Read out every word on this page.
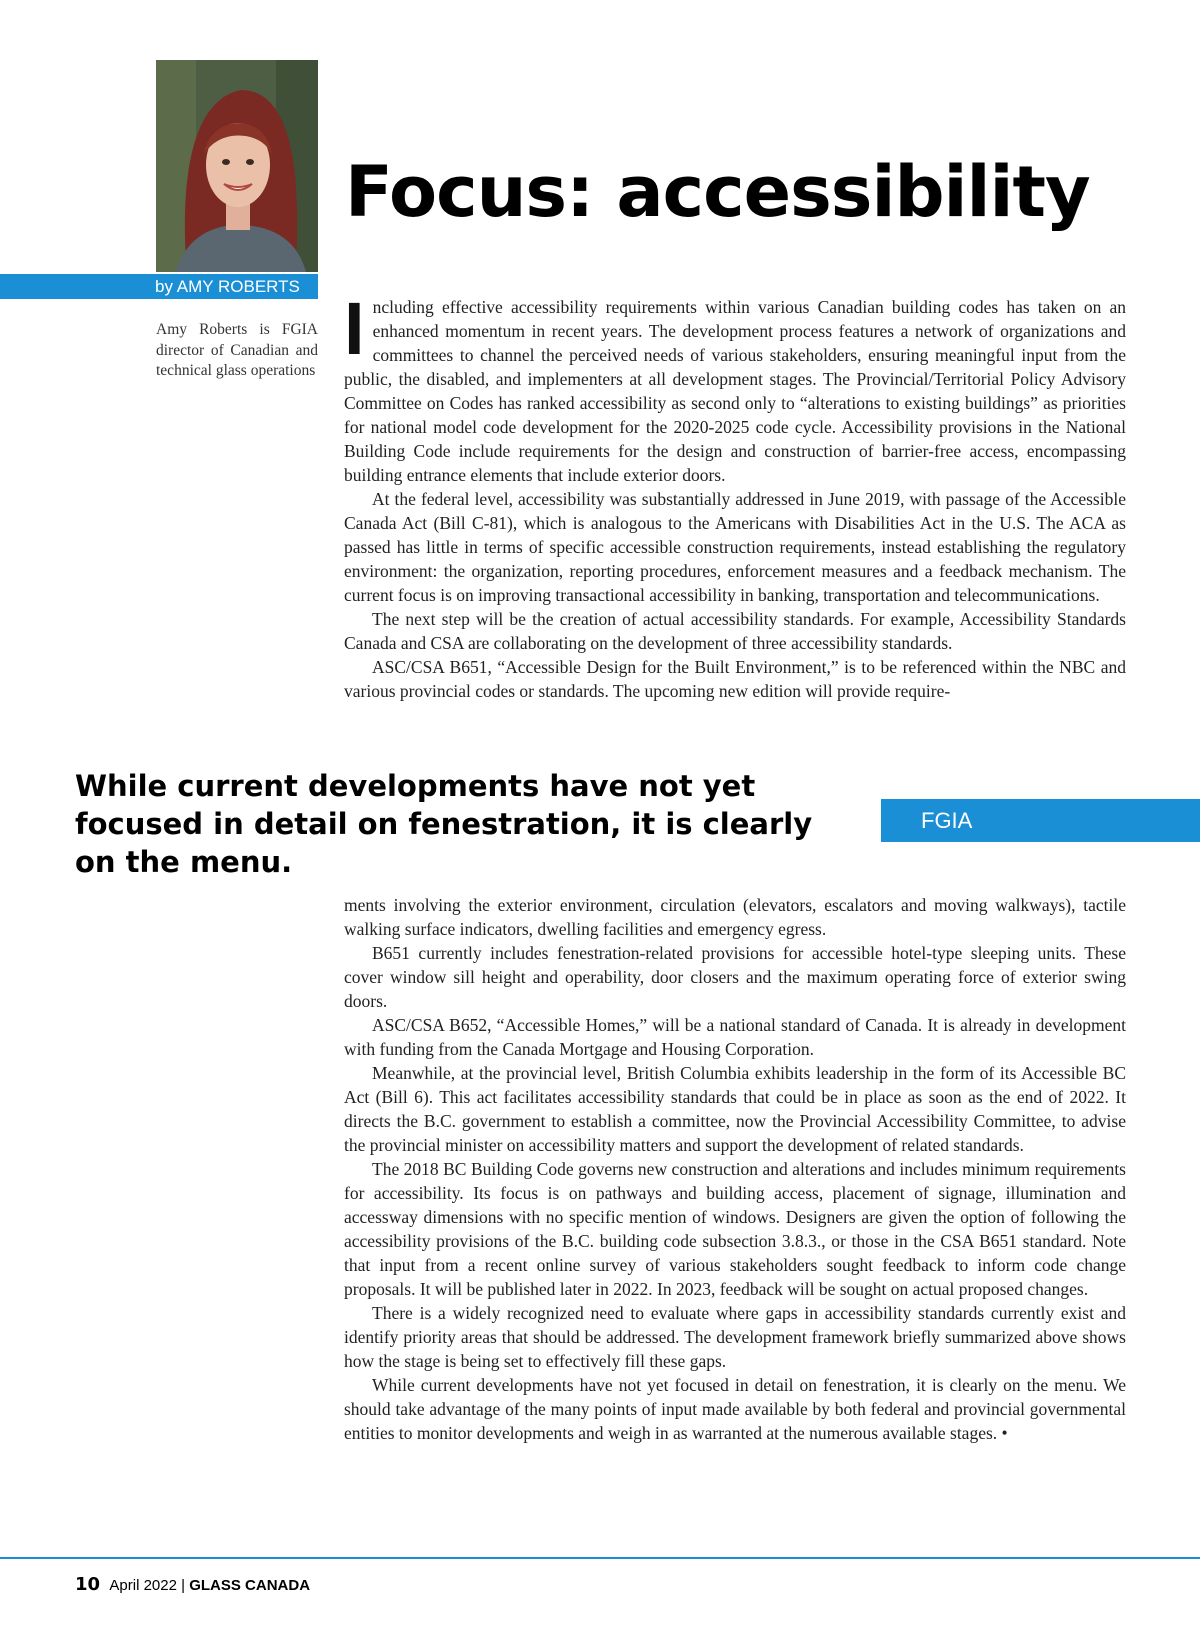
by AMY ROBERTS
Amy Roberts is FGIA director of Canadian and technical glass operations
Focus: accessibility

Including effective accessibility requirements within various Canadian building codes has taken on an enhanced momentum in recent years. The development process features a network of organizations and committees to channel the perceived needs of various stakeholders, ensuring meaningful input from the public, the disabled, and implementers at all development stages. The Provincial/Territorial Policy Advisory Committee on Codes has ranked accessibility as second only to “alterations to existing buildings” as priorities for national model code development for the 2020-2025 code cycle. Accessibility provisions in the National Building Code include requirements for the design and construction of barrier-free access, encompassing building entrance elements that include exterior doors.

At the federal level, accessibility was substantially addressed in June 2019, with passage of the Accessible Canada Act (Bill C-81), which is analogous to the Americans with Disabilities Act in the U.S. The ACA as passed has little in terms of specific accessible construction requirements, instead establishing the regulatory environment: the organization, reporting procedures, enforcement measures and a feedback mechanism. The current focus is on improving transactional accessibility in banking, transportation and telecommunications.

The next step will be the creation of actual accessibility standards. For example, Accessibility Standards Canada and CSA are collaborating on the development of three accessibility standards.

ASC/CSA B651, “Accessible Design for the Built Environment,” is to be referenced within the NBC and various provincial codes or standards. The upcoming new edition will provide require-

While current developments have not yet focused in detail on fenestration, it is clearly on the menu.

FGIA

ments involving the exterior environment, circulation (elevators, escalators and moving walkways), tactile walking surface indicators, dwelling facilities and emergency egress.

B651 currently includes fenestration-related provisions for accessible hotel-type sleeping units. These cover window sill height and operability, door closers and the maximum operating force of exterior swing doors.

ASC/CSA B652, “Accessible Homes,” will be a national standard of Canada. It is already in development with funding from the Canada Mortgage and Housing Corporation.

Meanwhile, at the provincial level, British Columbia exhibits leadership in the form of its Accessible BC Act (Bill 6). This act facilitates accessibility standards that could be in place as soon as the end of 2022. It directs the B.C. government to establish a committee, now the Provincial Accessibility Committee, to advise the provincial minister on accessibility matters and support the development of related standards.

The 2018 BC Building Code governs new construction and alterations and includes minimum requirements for accessibility. Its focus is on pathways and building access, placement of signage, illumination and accessway dimensions with no specific mention of windows. Designers are given the option of following the accessibility provisions of the B.C. building code subsection 3.8.3., or those in the CSA B651 standard. Note that input from a recent online survey of various stakeholders sought feedback to inform code change proposals. It will be published later in 2022. In 2023, feedback will be sought on actual proposed changes.

There is a widely recognized need to evaluate where gaps in accessibility standards currently exist and identify priority areas that should be addressed. The development framework briefly summarized above shows how the stage is being set to effectively fill these gaps.

While current developments have not yet focused in detail on fenestration, it is clearly on the menu. We should take advantage of the many points of input made available by both federal and provincial governmental entities to monitor developments and weigh in as warranted at the numerous available stages. •

10 April 2022 | GLASS CANADA
